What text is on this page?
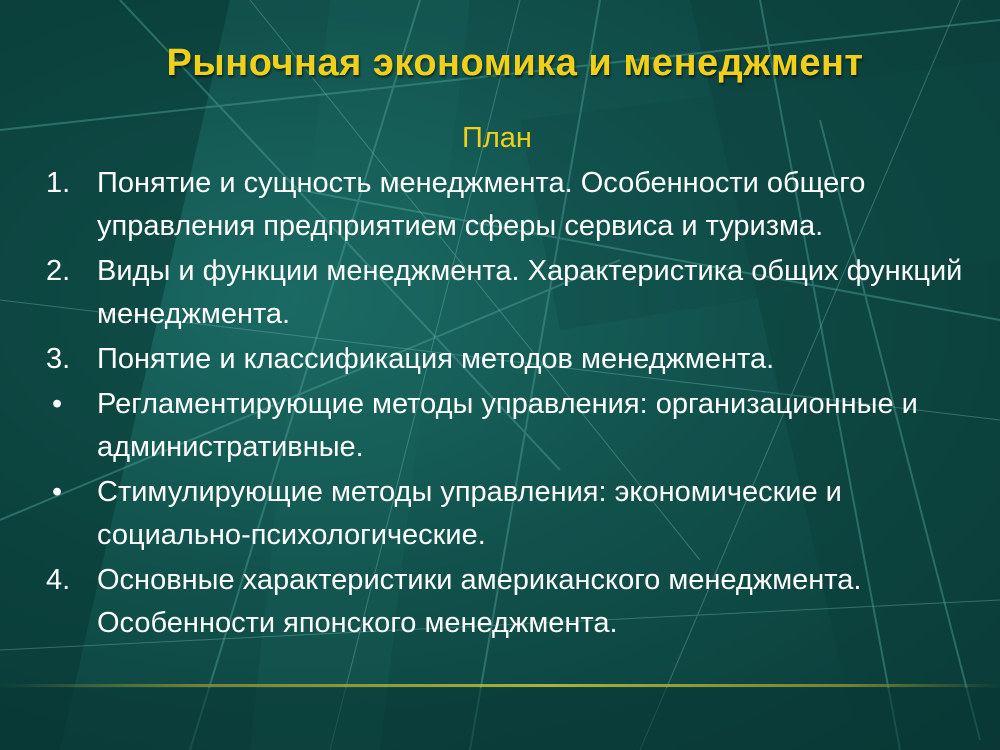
Рыночная экономика и менеджмент
План
1. Понятие и сущность менеджмента. Особенности общего управления предприятием сферы сервиса и туризма.
2. Виды и функции менеджмента. Характеристика общих функций менеджмента.
3. Понятие и классификация методов менеджмента.
• Регламентирующие методы управления: организационные и административные.
• Стимулирующие методы управления: экономические и социально-психологические.
4. Основные характеристики американского менеджмента. Особенности японского менеджмента.
